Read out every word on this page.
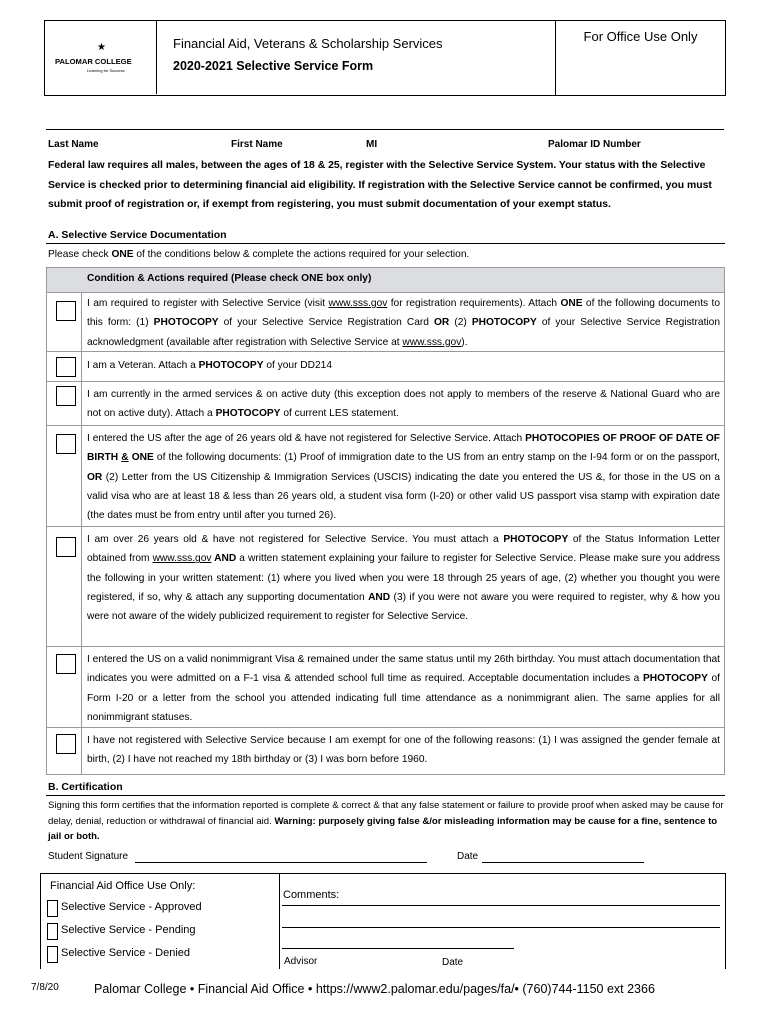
★
PALOMAR COLLEGE
Learning for Success
Financial Aid, Veterans & Scholarship Services
2020-2021 Selective Service Form
For Office Use Only
Last Name	First Name	MI	Palomar ID Number
Federal law requires all males, between the ages of 18 & 25, register with the Selective Service System. Your status with the Selective Service is checked prior to determining financial aid eligibility. If registration with the Selective Service cannot be confirmed, you must submit proof of registration or, if exempt from registering, you must submit documentation of your exempt status.
A. Selective Service Documentation
Please check ONE of the conditions below & complete the actions required for your selection.
Condition & Actions required (Please check ONE box only)
I am required to register with Selective Service (visit www.sss.gov for registration requirements). Attach ONE of the following documents to this form: (1) PHOTOCOPY of your Selective Service Registration Card OR (2) PHOTOCOPY of your Selective Service Registration acknowledgment (available after registration with Selective Service at www.sss.gov).
I am a Veteran. Attach a PHOTOCOPY of your DD214
I am currently in the armed services & on active duty (this exception does not apply to members of the reserve & National Guard who are not on active duty). Attach a PHOTOCOPY of current LES statement.
I entered the US after the age of 26 years old & have not registered for Selective Service. Attach PHOTOCOPIES OF PROOF OF DATE OF BIRTH & ONE of the following documents: (1) Proof of immigration date to the US from an entry stamp on the I-94 form or on the passport, OR (2) Letter from the US Citizenship & Immigration Services (USCIS) indicating the date you entered the US &, for those in the US on a valid visa who are at least 18 & less than 26 years old, a student visa form (I-20) or other valid US passport visa stamp with expiration date (the dates must be from entry until after you turned 26).
I am over 26 years old & have not registered for Selective Service. You must attach a PHOTOCOPY of the Status Information Letter obtained from www.sss.gov AND a written statement explaining your failure to register for Selective Service. Please make sure you address the following in your written statement: (1) where you lived when you were 18 through 25 years of age, (2) whether you thought you were registered, if so, why & attach any supporting documentation AND (3) if you were not aware you were required to register, why & how you were not aware of the widely publicized requirement to register for Selective Service.
I entered the US on a valid nonimmigrant Visa & remained under the same status until my 26th birthday. You must attach documentation that indicates you were admitted on a F-1 visa & attended school full time as required. Acceptable documentation includes a PHOTOCOPY of Form I-20 or a letter from the school you attended indicating full time attendance as a nonimmigrant alien. The same applies for all nonimmigrant statuses.
I have not registered with Selective Service because I am exempt for one of the following reasons: (1) I was assigned the gender female at birth, (2) I have not reached my 18th birthday or (3) I was born before 1960.
B. Certification
Signing this form certifies that the information reported is complete & correct & that any false statement or failure to provide proof when asked may be cause for delay, denial, reduction or withdrawal of financial aid. Warning: purposely giving false &/or misleading information may be cause for a fine, sentence to jail or both.
Student Signature	Date
Financial Aid Office Use Only:
Selective Service - Approved
Selective Service - Pending
Selective Service - Denied
Comments:
Advisor	Date
7/8/20	Palomar College • Financial Aid Office • https://www2.palomar.edu/pages/fa/• (760)744-1150 ext 2366
